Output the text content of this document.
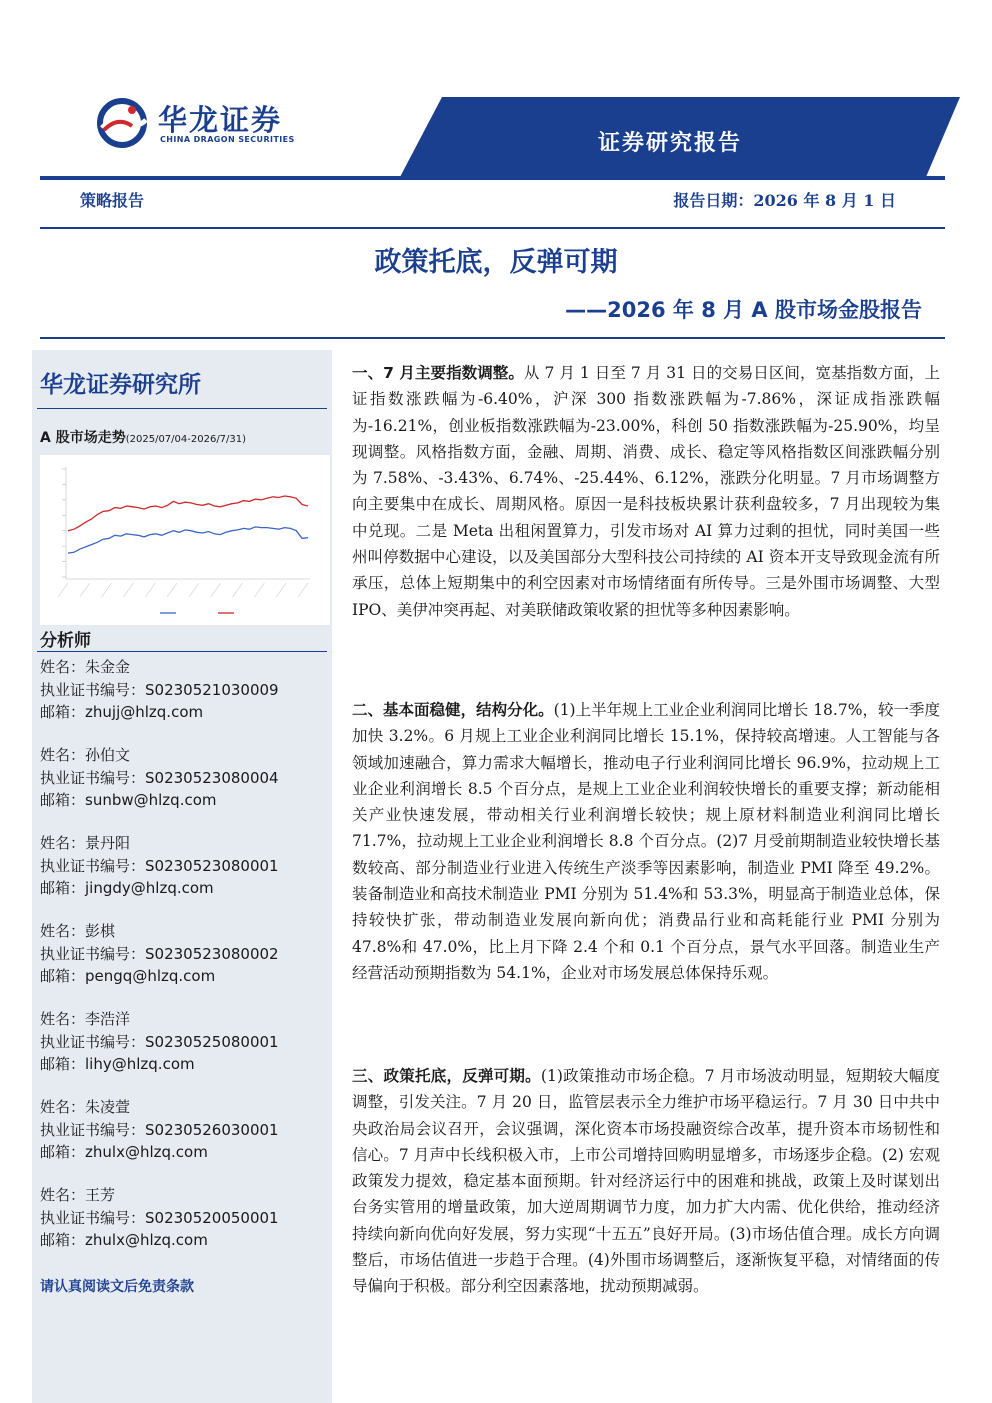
华龙证券
CHINA DRAGON SECURITIES	证券研究报告
策略报告	报告日期：2026 年 8 月 1 日
政策托底，反弹可期
——2026 年 8 月 A 股市场金股报告
华龙证券研究所
A 股市场走势(2025/07/04-2026/7/31)
分析师
姓名：朱金金
执业证书编号：S0230521030009
邮箱：zhujj@hlzq.com
姓名：孙伯文
执业证书编号：S0230523080004
邮箱：sunbw@hlzq.com
姓名：景丹阳
执业证书编号：S0230523080001
邮箱：jingdy@hlzq.com
姓名：彭棋
执业证书编号：S0230523080002
邮箱：pengq@hlzq.com
姓名：李浩洋
执业证书编号：S0230525080001
邮箱：lihy@hlzq.com
姓名：朱凌萱
执业证书编号：S0230526030001
邮箱：zhulx@hlzq.com
姓名：王芳
执业证书编号：S0230520050001
邮箱：zhulx@hlzq.com
请认真阅读文后免责条款
一、7 月主要指数调整。从 7 月 1 日至 7 月 31 日的交易日区间，宽基指数方面，上证指数涨跌幅为-6.40%，沪深 300 指数涨跌幅为-7.86%，深证成指涨跌幅为-16.21%，创业板指数涨跌幅为-23.00%，科创 50 指数涨跌幅为-25.90%，均呈现调整。风格指数方面，金融、周期、消费、成长、稳定等风格指数区间涨跌幅分别为 7.58%、-3.43%、6.74%、-25.44%、6.12%，涨跌分化明显。7 月市场调整方向主要集中在成长、周期风格。原因一是科技板块累计获利盘较多，7 月出现较为集中兑现。二是 Meta 出租闲置算力，引发市场对 AI 算力过剩的担忧，同时美国一些州叫停数据中心建设，以及美国部分大型科技公司持续的 AI 资本开支导致现金流有所承压，总体上短期集中的利空因素对市场情绪面有所传导。三是外围市场调整、大型 IPO、美伊冲突再起、对美联储政策收紧的担忧等多种因素影响。
二、基本面稳健，结构分化。(1)上半年规上工业企业利润同比增长 18.7%，较一季度加快 3.2%。6 月规上工业企业利润同比增长 15.1%，保持较高增速。人工智能与各领域加速融合，算力需求大幅增长，推动电子行业利润同比增长 96.9%，拉动规上工业企业利润增长 8.5 个百分点，是规上工业企业利润较快增长的重要支撑；新动能相关产业快速发展，带动相关行业利润增长较快；规上原材料制造业利润同比增长 71.7%，拉动规上工业企业利润增长 8.8 个百分点。(2)7 月受前期制造业较快增长基数较高、部分制造业行业进入传统生产淡季等因素影响，制造业 PMI 降至 49.2%。装备制造业和高技术制造业 PMI 分别为 51.4%和 53.3%，明显高于制造业总体，保持较快扩张，带动制造业发展向新向优；消费品行业和高耗能行业 PMI 分别为 47.8%和 47.0%，比上月下降 2.4 个和 0.1 个百分点，景气水平回落。制造业生产经营活动预期指数为 54.1%，企业对市场发展总体保持乐观。
三、政策托底，反弹可期。(1)政策推动市场企稳。7 月市场波动明显，短期较大幅度调整，引发关注。7 月 20 日，监管层表示全力维护市场平稳运行。7 月 30 日中共中央政治局会议召开，会议强调，深化资本市场投融资综合改革，提升资本市场韧性和信心。7 月声中长线积极入市，上市公司增持回购明显增多，市场逐步企稳。(2) 宏观政策发力提效，稳定基本面预期。针对经济运行中的困难和挑战，政策上及时谋划出台务实管用的增量政策，加大逆周期调节力度，加力扩大内需、优化供给，推动经济持续向新向优向好发展，努力实现“十五五”良好开局。(3)市场估值合理。成长方向调整后，市场估值进一步趋于合理。(4)外围市场调整后，逐渐恢复平稳，对情绪面的传导偏向于积极。部分利空因素落地，扰动预期减弱。
